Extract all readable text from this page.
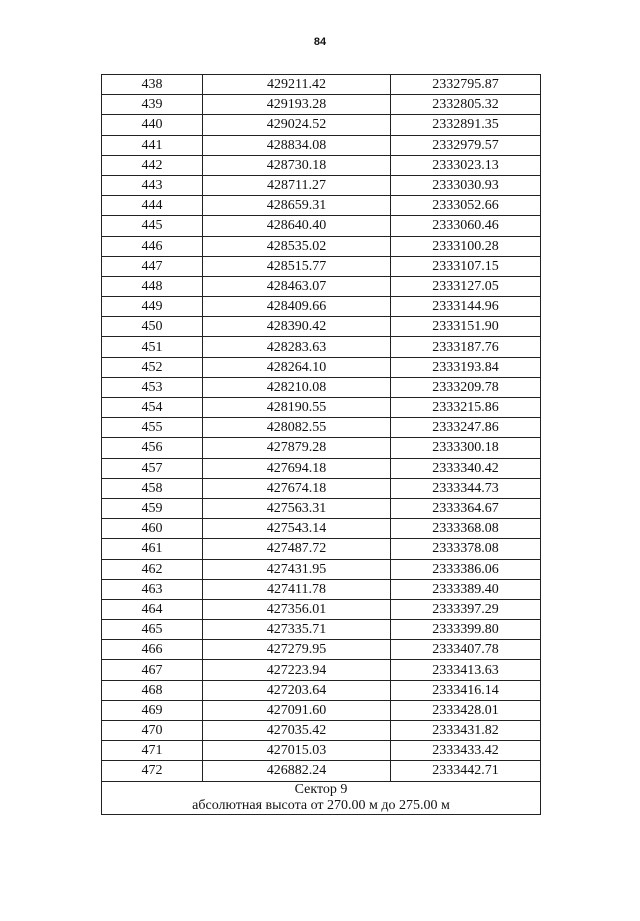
84
438	429211.42	2332795.87
439	429193.28	2332805.32
440	429024.52	2332891.35
441	428834.08	2332979.57
442	428730.18	2333023.13
443	428711.27	2333030.93
444	428659.31	2333052.66
445	428640.40	2333060.46
446	428535.02	2333100.28
447	428515.77	2333107.15
448	428463.07	2333127.05
449	428409.66	2333144.96
450	428390.42	2333151.90
451	428283.63	2333187.76
452	428264.10	2333193.84
453	428210.08	2333209.78
454	428190.55	2333215.86
455	428082.55	2333247.86
456	427879.28	2333300.18
457	427694.18	2333340.42
458	427674.18	2333344.73
459	427563.31	2333364.67
460	427543.14	2333368.08
461	427487.72	2333378.08
462	427431.95	2333386.06
463	427411.78	2333389.40
464	427356.01	2333397.29
465	427335.71	2333399.80
466	427279.95	2333407.78
467	427223.94	2333413.63
468	427203.64	2333416.14
469	427091.60	2333428.01
470	427035.42	2333431.82
471	427015.03	2333433.42
472	426882.24	2333442.71

Сектор 9
абсолютная высота от 270.00 м до 275.00 м		
